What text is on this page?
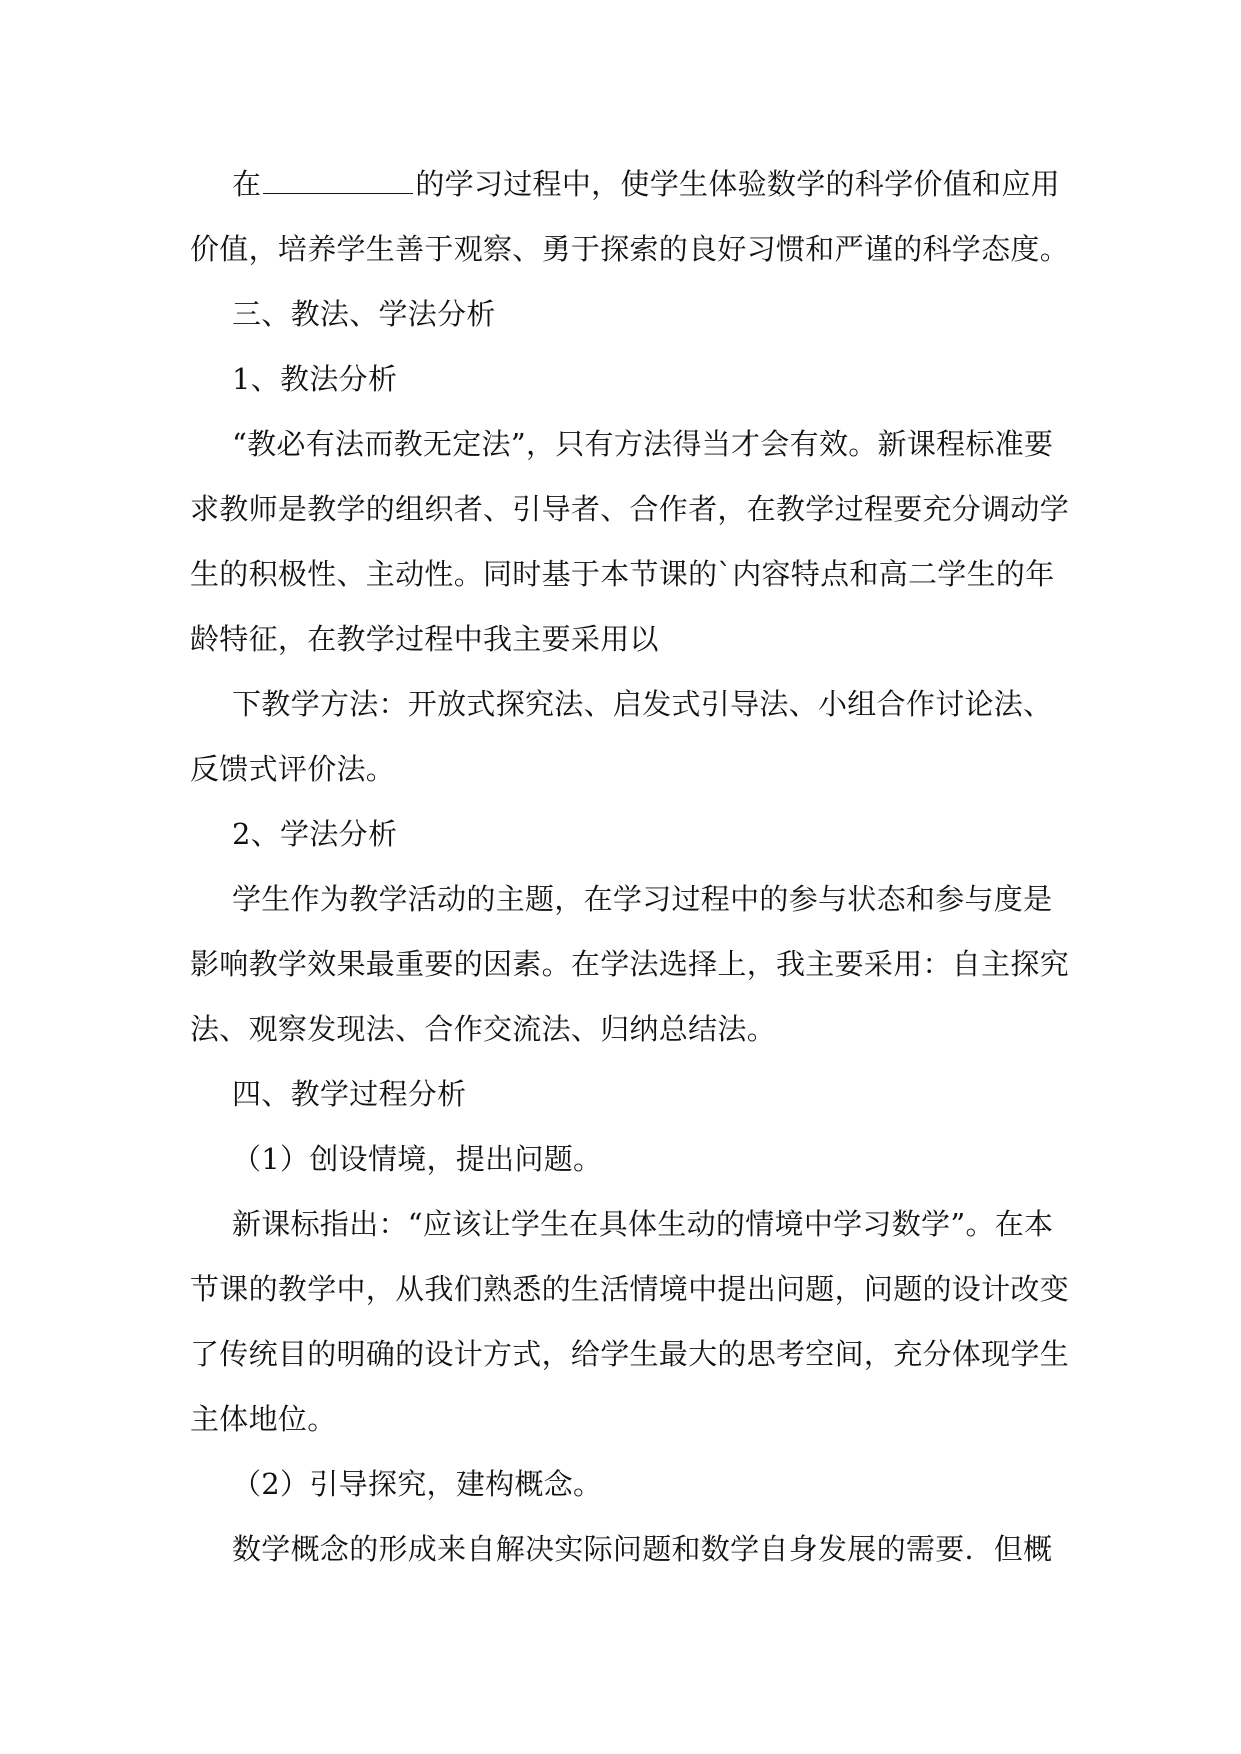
在	的学习过程中，使学生体验数学的科学价值和应用
价值，培养学生善于观察、勇于探索的良好习惯和严谨的科学态度。

三、教法、学法分析

1、教法分析

“教必有法而教无定法”，只有方法得当才会有效。新课程标准要
求教师是教学的组织者、引导者、合作者，在教学过程要充分调动学
生的积极性、主动性。同时基于本节课的`内容特点和高二学生的年
龄特征，在教学过程中我主要采用以

下教学方法：开放式探究法、启发式引导法、小组合作讨论法、
反馈式评价法。

2、学法分析

学生作为教学活动的主题，在学习过程中的参与状态和参与度是
影响教学效果最重要的因素。在学法选择上，我主要采用：自主探究
法、观察发现法、合作交流法、归纳总结法。

四、教学过程分析

（1）创设情境，提出问题。

新课标指出：“应该让学生在具体生动的情境中学习数学”。在本
节课的教学中，从我们熟悉的生活情境中提出问题，问题的设计改变
了传统目的明确的设计方式，给学生最大的思考空间，充分体现学生
主体地位。

（2）引导探究，建构概念。

数学概念的形成来自解决实际问题和数学自身发展的需要．但概
